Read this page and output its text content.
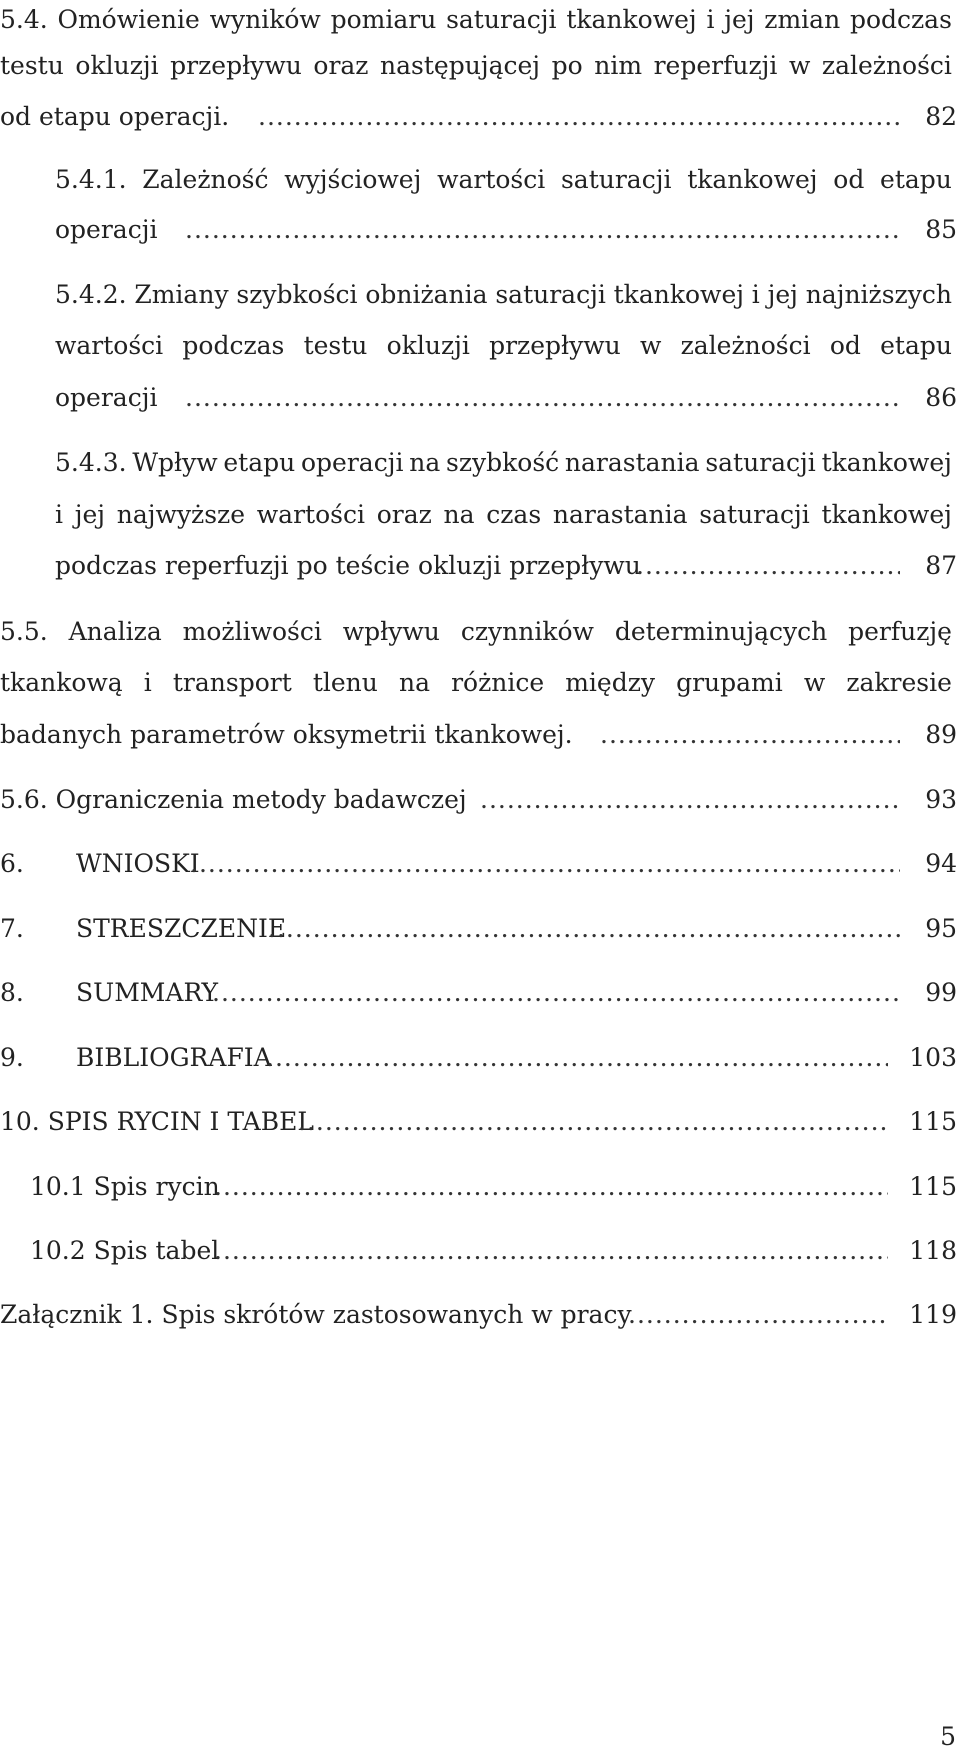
5.4. Omówienie wyników pomiaru saturacji tkankowej i jej zmian podczas
testu okluzji przepływu oraz następującej po nim reperfuzji w zależności
od etapu operacji. .....	82
5.4.1. Zależność wyjściowej wartości saturacji tkankowej od etapu
operacji .....	85
5.4.2. Zmiany szybkości obniżania saturacji tkankowej i jej najniższych
wartości podczas testu okluzji przepływu w zależności od etapu
operacji .....	86
5.4.3. Wpływ etapu operacji na szybkość narastania saturacji tkankowej
i jej najwyższe wartości oraz na czas narastania saturacji tkankowej
podczas reperfuzji po teście okluzji przepływu .....	87
5.5. Analiza możliwości wpływu czynników determinujących perfuzję
tkankową i transport tlenu na różnice między grupami w zakresie
badanych parametrów oksymetrii tkankowej. .....	89
5.6. Ograniczenia metody badawczej .....	93
6. WNIOSKI .....	94
7. STRESZCZENIE .....	95
8. SUMMARY .....	99
9. BIBLIOGRAFIA .....	103
10. SPIS RYCIN I TABEL .....	115
10.1 Spis rycin .....	115
10.2 Spis tabel .....	118
Załącznik 1. Spis skrótów zastosowanych w pracy .....	119
5
